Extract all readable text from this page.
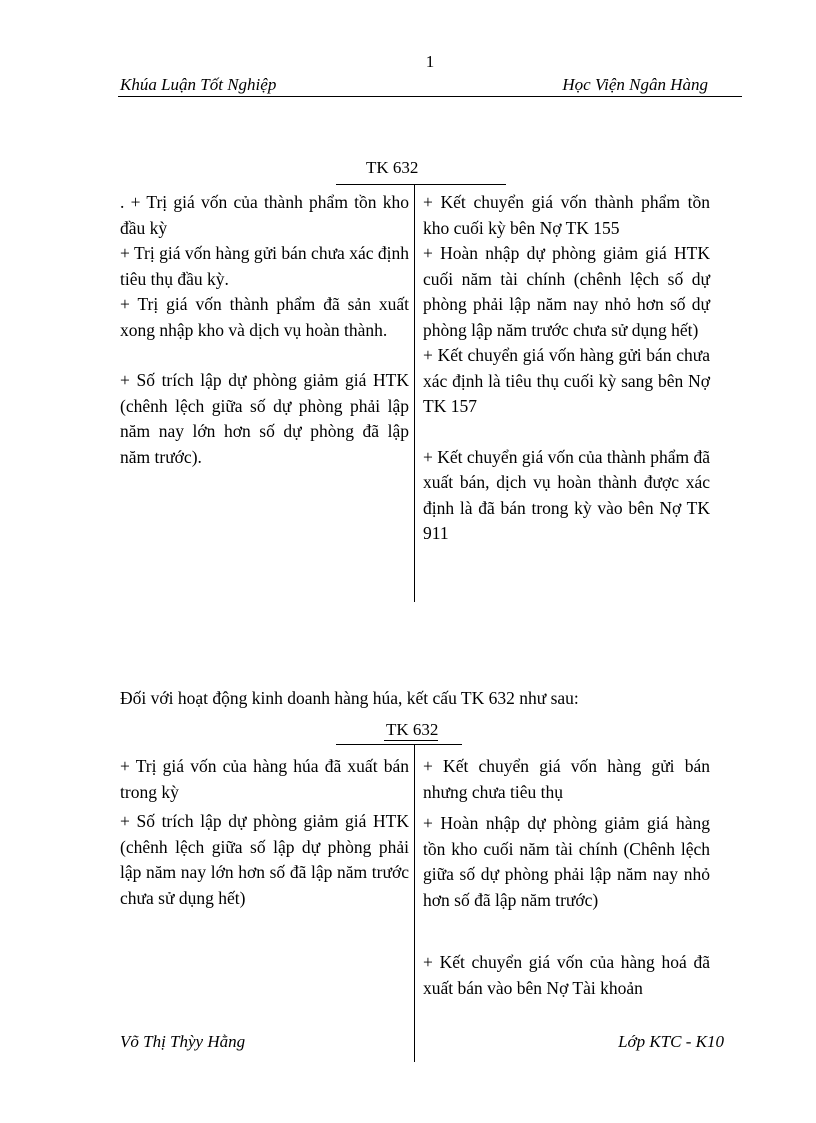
1
Khúa Luận Tốt Nghiệp	Học Viện Ngân Hàng
TK 632

. + Trị giá vốn của thành phẩm tồn kho đầu kỳ

+ Trị giá vốn hàng gửi bán chưa xác định tiêu thụ đầu kỳ.

+ Trị giá vốn thành phẩm đã sản xuất xong nhập kho và dịch vụ hoàn thành.

+ Số trích lập dự phòng giảm giá HTK (chênh lệch giữa số dự phòng phải lập năm nay lớn hơn số dự phòng đã lập năm trước).

+ Kết chuyển giá vốn thành phẩm tồn kho cuối kỳ bên Nợ TK 155

+ Hoàn nhập dự phòng giảm giá HTK cuối năm tài chính (chênh lệch số dự phòng phải lập năm nay nhỏ hơn số dự phòng lập năm trước chưa sử dụng hết)

+ Kết chuyển giá vốn hàng gửi bán chưa xác định là tiêu thụ cuối kỳ sang bên Nợ TK 157

+ Kết chuyển giá vốn của thành phẩm đã xuất bán, dịch vụ hoàn thành được xác định là đã bán trong kỳ vào bên Nợ TK 911

Đối với hoạt động kinh doanh hàng húa, kết cấu TK 632 như sau:
TK 632

+ Trị giá vốn của hàng húa đã xuất bán trong kỳ

+ Số trích lập dự phòng giảm giá HTK (chênh lệch giữa số lập dự phòng phải lập năm nay lớn hơn số đã lập năm trước chưa sử dụng hết)

+ Kết chuyển giá vốn hàng gửi bán nhưng chưa tiêu thụ

+ Hoàn nhập dự phòng giảm giá hàng tồn kho cuối năm tài chính (Chênh lệch giữa số dự phòng phải lập năm nay nhỏ hơn số đã lập năm trước)

+ Kết chuyển giá vốn của hàng hoá đã xuất bán vào bên Nợ Tài khoản

Võ Thị Thỳy Hằng	Lớp KTC - K10
